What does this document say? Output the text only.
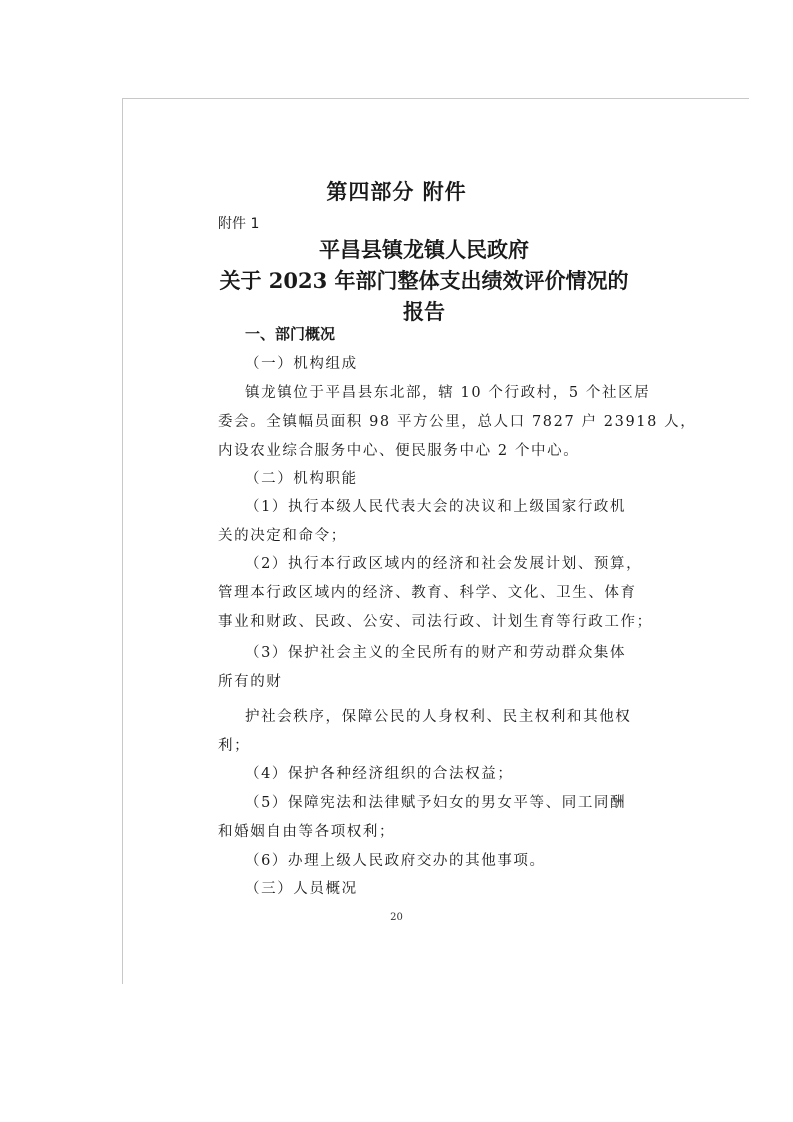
第四部分 附件
附件 1
平昌县镇龙镇人民政府
关于 2023 年部门整体支出绩效评价情况的
报告
一、部门概况
（一）机构组成
镇龙镇位于平昌县东北部，辖 10 个行政村，5 个社区居
委会。全镇幅员面积 98 平方公里，总人口 7827 户 23918 人，
内设农业综合服务中心、便民服务中心 2 个中心。
（二）机构职能
（1）执行本级人民代表大会的决议和上级国家行政机
关的决定和命令；
（2）执行本行政区域内的经济和社会发展计划、预算，
管理本行政区域内的经济、教育、科学、文化、卫生、体育
事业和财政、民政、公安、司法行政、计划生育等行政工作；
（3）保护社会主义的全民所有的财产和劳动群众集体
所有的财
护社会秩序，保障公民的人身权利、民主权利和其他权
利；
（4）保护各种经济组织的合法权益；
（5）保障宪法和法律赋予妇女的男女平等、同工同酬
和婚姻自由等各项权利；
（6）办理上级人民政府交办的其他事项。
（三）人员概况
20
